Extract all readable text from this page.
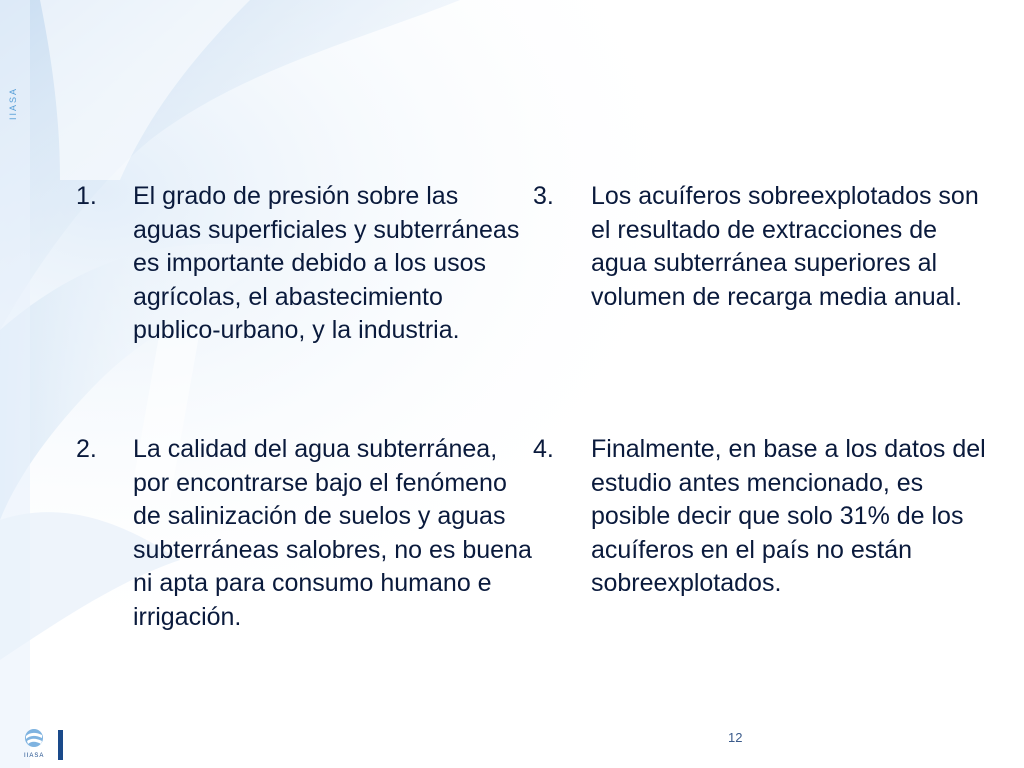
IIASA
1. El grado de presión sobre las aguas superficiales y subterráneas es importante debido a los usos agrícolas, el abastecimiento publico-urbano, y la industria.
2. La calidad del agua subterránea, por encontrarse bajo el fenómeno de salinización de suelos y aguas subterráneas salobres, no es buena ni apta para consumo humano e irrigación.
3. Los acuíferos sobreexplotados son el resultado de extracciones de agua subterránea superiores al volumen de recarga media anual.
4. Finalmente, en base a los datos del estudio antes mencionado, es posible decir que solo 31% de los acuíferos en el país no están sobreexplotados.
IIASA
12
